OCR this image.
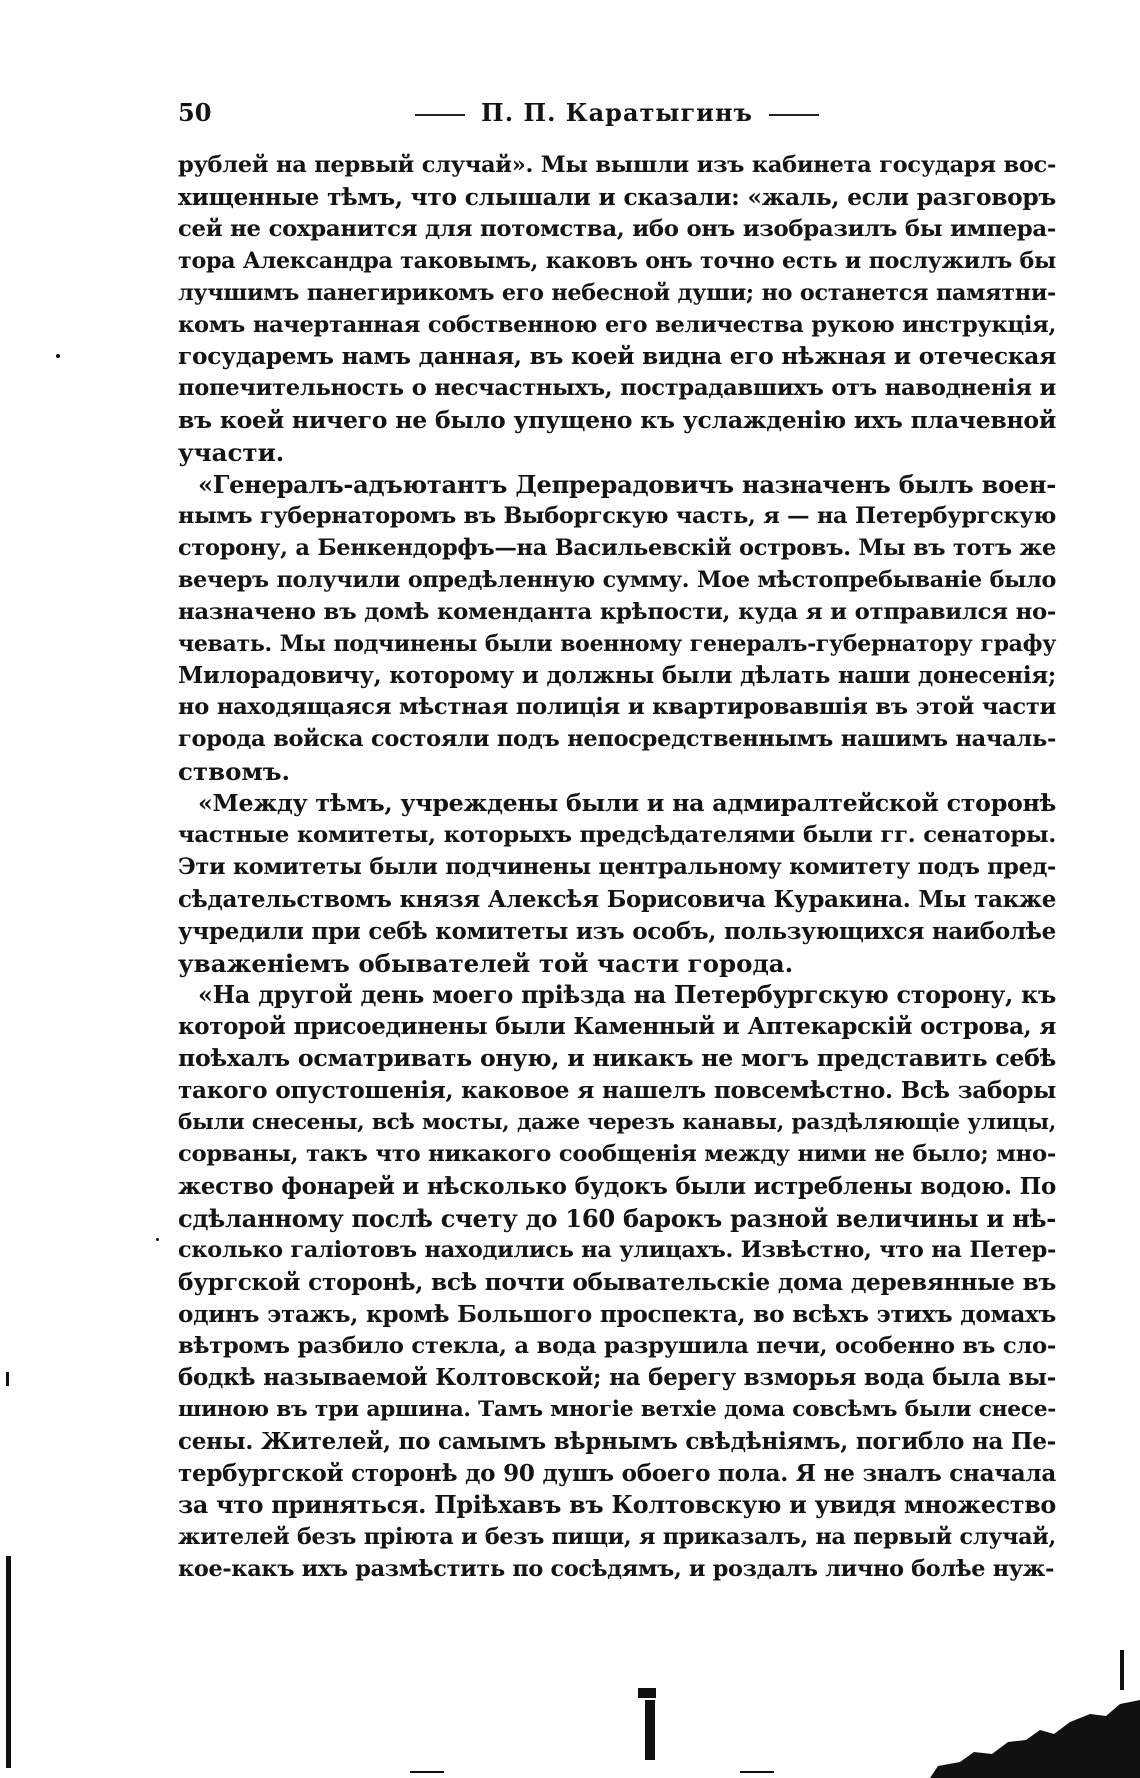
50	П. П. Каратыгинъ
рублей на первый случай». Мы вышли изъ кабинета государя вос-
хищенные тѣмъ, что слышали и сказали: «жаль, если разговоръ
сей не сохранится для потомства, ибо онъ изобразилъ бы импера-
тора Александра таковымъ, каковъ онъ точно есть и послужилъ бы
лучшимъ панегирикомъ его небесной души; но останется памятни-
комъ начертанная собственною его величества рукою инструкція,
государемъ намъ данная, въ коей видна его нѣжная и отеческая
попечительность о несчастныхъ, пострадавшихъ отъ наводненія и
въ коей ничего не было упущено къ услажденію ихъ плачевной
участи.
«Генералъ-адъютантъ Депрерадовичъ назначенъ былъ воен-
нымъ губернаторомъ въ Выборгскую часть, я — на Петербургскую
сторону, а Бенкендорфъ—на Васильевскій островъ. Мы въ тотъ же
вечеръ получили опредѣленную сумму. Мое мѣстопребываніе было
назначено въ домѣ коменданта крѣпости, куда я и отправился но-
чевать. Мы подчинены были военному генералъ-губернатору графу
Милорадовичу, которому и должны были дѣлать наши донесенія;
но находящаяся мѣстная полиція и квартировавшія въ этой части
города войска состояли подъ непосредственнымъ нашимъ началь-
ствомъ.
«Между тѣмъ, учреждены были и на адмиралтейской сторонѣ
частные комитеты, которыхъ предсѣдателями были гг. сенаторы.
Эти комитеты были подчинены центральному комитету подъ пред-
сѣдательствомъ князя Алексѣя Борисовича Куракина. Мы также
учредили при себѣ комитеты изъ особъ, пользующихся наиболѣе
уваженіемъ обывателей той части города.
«На другой день моего пріѣзда на Петербургскую сторону, къ
которой присоединены были Каменный и Аптекарскій острова, я
поѣхалъ осматривать оную, и никакъ не могъ представить себѣ
такого опустошенія, каковое я нашелъ повсемѣстно. Всѣ заборы
были снесены, всѣ мосты, даже черезъ канавы, раздѣляющіе улицы,
сорваны, такъ что никакого сообщенія между ними не было; мно-
жество фонарей и нѣсколько будокъ были истреблены водою. По
сдѣланному послѣ счету до 160 барокъ разной величины и нѣ-
сколько галіотовъ находились на улицахъ. Извѣстно, что на Петер-
бургской сторонѣ, всѣ почти обывательскіе дома деревянные въ
одинъ этажъ, кромѣ Большого проспекта, во всѣхъ этихъ домахъ
вѣтромъ разбило стекла, а вода разрушила печи, особенно въ сло-
бодкѣ называемой Колтовской; на берегу взморья вода была вы-
шиною въ три аршина. Тамъ многіе ветхіе дома совсѣмъ были снесе-
сены. Жителей, по самымъ вѣрнымъ свѣдѣніямъ, погибло на Пе-
тербургской сторонѣ до 90 душъ обоего пола. Я не зналъ сначала
за что приняться. Пріѣхавъ въ Колтовскую и увидя множество
жителей безъ пріюта и безъ пищи, я приказалъ, на первый случай,
кое-какъ ихъ размѣстить по сосѣдямъ, и роздалъ лично болѣе нуж-
